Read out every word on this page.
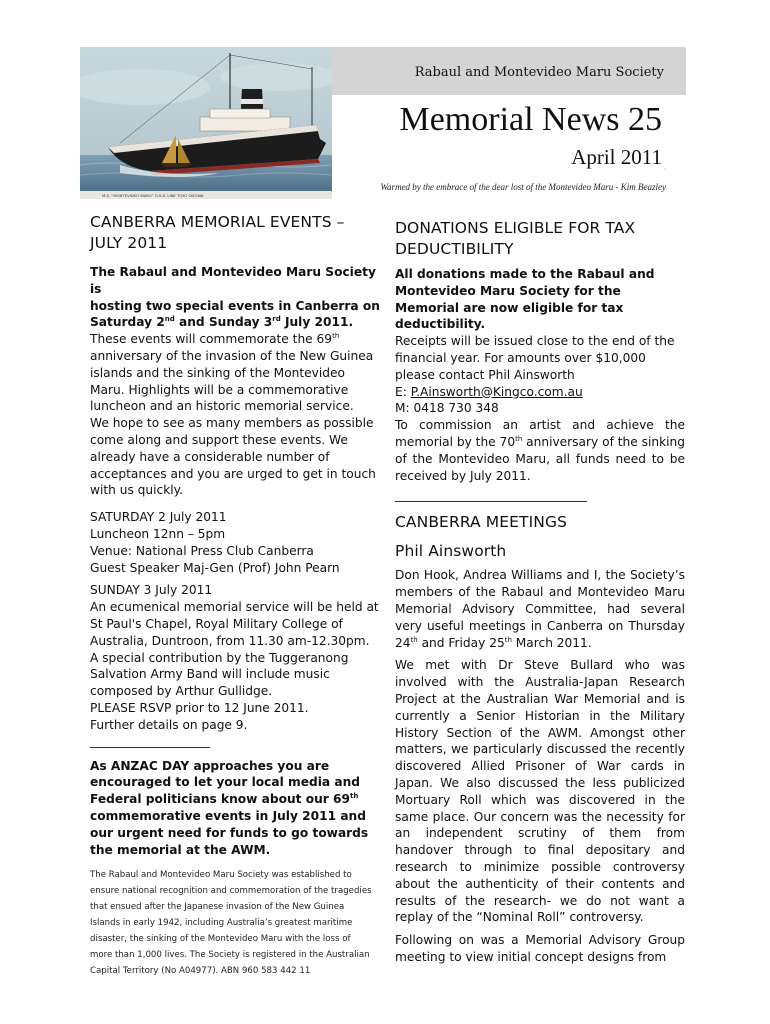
M.S. “MONTEVIDEO MARU” O.S.K. LINE TOYO ODOWA
Rabaul and Montevideo Maru Society
Memorial News 25
April 2011
´
Warmed by the embrace of the dear lost of the Montevideo Maru - Kim Beazley
CANBERRA MEMORIAL EVENTS –
JULY 2011

The Rabaul and Montevideo Maru Society is
hosting two special events in Canberra on
Saturday 2nd and Sunday 3rd July 2011.

These events will commemorate the 69th
anniversary of the invasion of the New Guinea islands and the sinking of the Montevideo Maru. Highlights will be a commemorative luncheon and an historic memorial service.

We hope to see as many members as possible come along and support these events. We already have a considerable number of acceptances and you are urged to get in touch with us quickly.

SATURDAY 2 July 2011

Luncheon 12nn – 5pm

Venue: National Press Club Canberra

Guest Speaker Maj-Gen (Prof) John Pearn

SUNDAY 3 July 2011

An ecumenical memorial service will be held at St Paul's Chapel, Royal Military College of Australia, Duntroon, from 11.30 am-12.30pm. A special contribution by the Tuggeranong Salvation Army Band will include music composed by Arthur Gullidge.

PLEASE RSVP prior to 12 June 2011.

Further details on page 9.

____________________

As ANZAC DAY approaches you are
encouraged to let your local media and
Federal politicians know about our 69th
commemorative events in July 2011 and our urgent need for funds to go towards the memorial at the AWM.

The Rabaul and Montevideo Maru Society was established to ensure national recognition and commemoration of the tragedies that ensued after the Japanese invasion of the New Guinea Islands in early 1942, including Australia’s greatest maritime disaster, the sinking of the Montevideo Maru with the loss of more than 1,000 lives. The Society is registered in the Australian Capital Territory (No A04977). ABN 960 583 442 11

DONATIONS ELIGIBLE FOR TAX
DEDUCTIBILITY

All donations made to the Rabaul and Montevideo Maru Society for the Memorial are now eligible for tax deductibility.

Receipts will be issued close to the end of the financial year. For amounts over $10,000 please contact Phil Ainsworth

E: P.Ainsworth@Kingco.com.au

M: 0418 730 348

To commission an artist and achieve the memorial by the 70th anniversary of the sinking of the Montevideo Maru, all funds need to be received by July 2011.

________________________________

CANBERRA MEETINGS
Phil Ainsworth

Don Hook, Andrea Williams and I, the Society’s members of the Rabaul and Montevideo Maru Memorial Advisory Committee, had several very useful meetings in Canberra on Thursday 24th and Friday 25th March 2011.

We met with Dr Steve Bullard who was involved with the Australia-Japan Research Project at the Australian War Memorial and is currently a Senior Historian in the Military History Section of the AWM. Amongst other matters, we particularly discussed the recently discovered Allied Prisoner of War cards in Japan. We also discussed the less publicized Mortuary Roll which was discovered in the same place. Our concern was the necessity for an independent scrutiny of them from handover through to final depositary and research to minimize possible controversy about the authenticity of their contents and results of the research- we do not want a replay of the “Nominal Roll” controversy.

Following on was a Memorial Advisory Group meeting to view initial concept designs from
